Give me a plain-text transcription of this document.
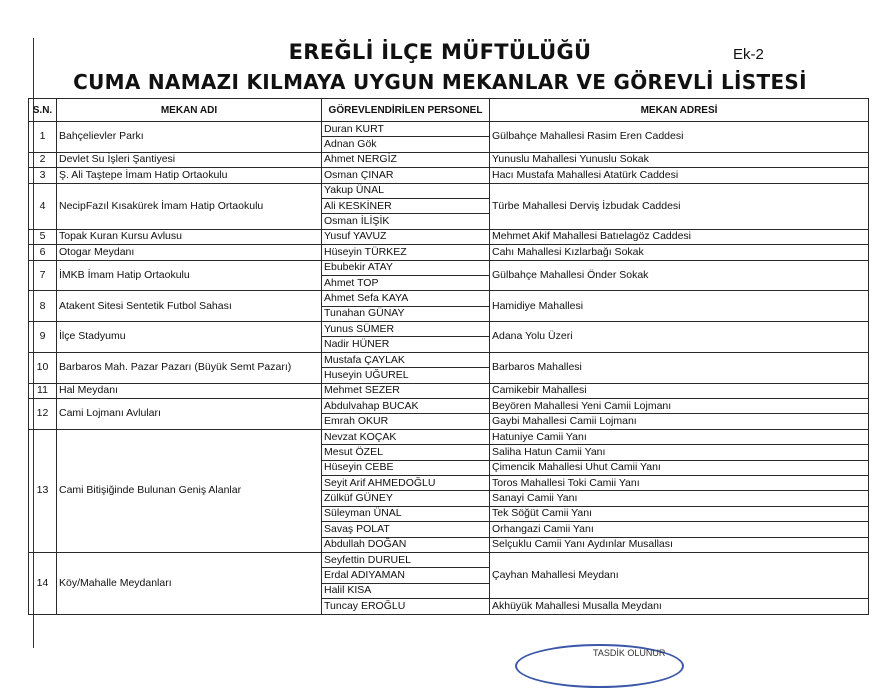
EREĞLİ İLÇE MÜFTÜLÜĞÜ	Ek-2
CUMA NAMAZI KILMAYA UYGUN MEKANLAR VE GÖREVLİ LİSTESİ
S.N.	MEKAN ADI	GÖREVLENDİRİLEN PERSONEL	MEKAN ADRESİ
1	Bahçelievler Parkı	Duran KURT	Gülbahçe Mahallesi Rasim Eren Caddesi
		Adnan Gök	
2	Devlet Su İşleri Şantiyesi	Ahmet NERGİZ	Yunuslu Mahallesi Yunuslu Sokak
3	Ş. Ali Taştepe İmam Hatip Ortaokulu	Osman ÇINAR	Hacı Mustafa Mahallesi Atatürk Caddesi
4	NecipFazıl Kısakürek İmam Hatip Ortaokulu	Yakup ÜNAL	Türbe Mahallesi Derviş İzbudak Caddesi
		Ali KESKİNER	
		Osman İLİŞİK	
5	Topak Kuran Kursu Avlusu	Yusuf YAVUZ	Mehmet Akif Mahallesi Batıelagöz Caddesi
6	Otogar Meydanı	Hüseyin TÜRKEZ	Cahı Mahallesi Kızlarbağı Sokak
7	İMKB İmam Hatip Ortaokulu	Ebubekir ATAY	Gülbahçe Mahallesi Önder Sokak
		Ahmet TOP	
8	Atakent Sitesi Sentetik Futbol Sahası	Ahmet Sefa KAYA	Hamidiye Mahallesi
		Tunahan GÜNAY	
9	İlçe Stadyumu	Yunus SÜMER	Adana Yolu Üzeri
		Nadir HÜNER	
10	Barbaros Mah. Pazar Pazarı (Büyük Semt Pazarı)	Mustafa ÇAYLAK	Barbaros Mahallesi
		Huseyin UĞUREL	
11	Hal Meydanı	Mehmet SEZER	Camikebir Mahallesi
12	Cami Lojmanı Avluları	Abdulvahap BUCAK	Beyören Mahallesi Yeni Camii Lojmanı
		Emrah OKUR	Gaybi Mahallesi Camii Lojmanı
13	Cami Bitişiğinde Bulunan Geniş Alanlar	Nevzat KOÇAK	Hatuniye Camii Yanı
		Mesut ÖZEL	Saliha Hatun Camii Yanı
		Hüseyin CEBE	Çimencik Mahallesi Uhut Camii Yanı
		Seyit Arif AHMEDOĞLU	Toros Mahallesi Toki Camii Yanı
		Zülküf GÜNEY	Sanayi Camii Yanı
		Süleyman ÜNAL	Tek Söğüt Camii Yanı
		Savaş POLAT	Orhangazi Camii Yanı
		Abdullah DOĞAN	Selçuklu Camii Yanı Aydınlar Musallası
14	Köy/Mahalle Meydanları	Seyfettin DURUEL	Çayhan Mahallesi Meydanı
		Erdal ADIYAMAN	
		Halil KISA	
		Tuncay EROĞLU	Akhüyük Mahallesi Musalla Meydanı
TASDİK OLUNUR
